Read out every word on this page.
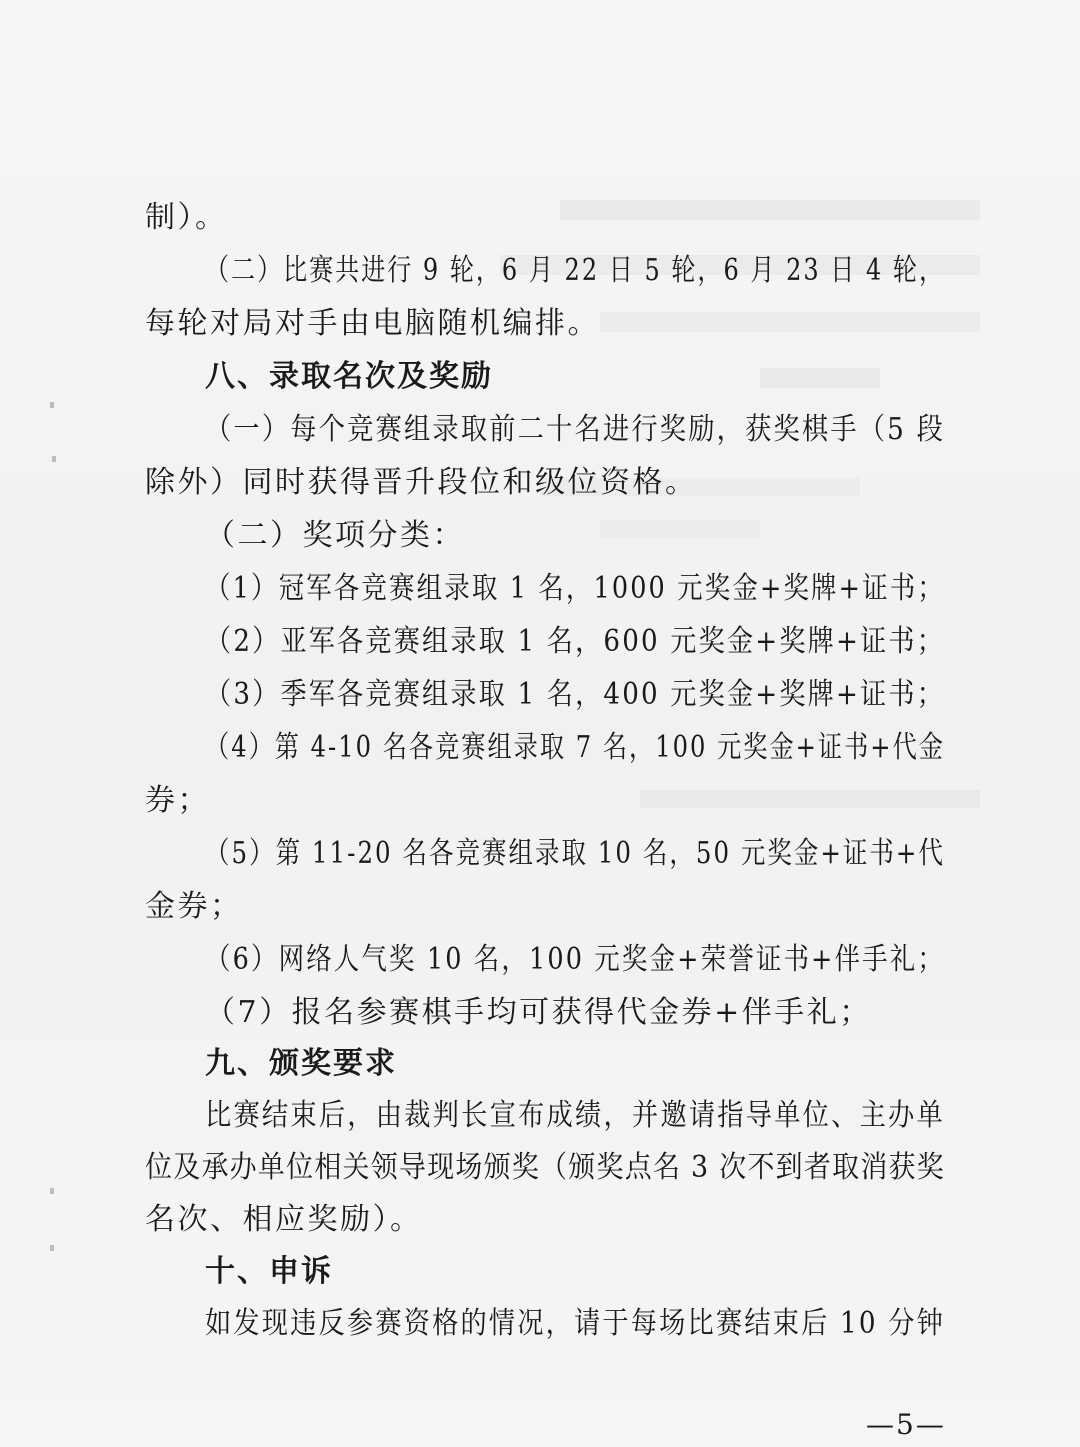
制）。
（二）比赛共进行 9 轮，6 月 22 日 5 轮，6 月 23 日 4 轮，
每轮对局对手由电脑随机编排。
八、录取名次及奖励
（一）每个竞赛组录取前二十名进行奖励，获奖棋手（5 段
除外）同时获得晋升段位和级位资格。
（二）奖项分类：
（1）冠军各竞赛组录取 1 名，1000 元奖金+奖牌+证书；
（2）亚军各竞赛组录取 1 名，600 元奖金+奖牌+证书；
（3）季军各竞赛组录取 1 名，400 元奖金+奖牌+证书；
（4）第 4-10 名各竞赛组录取 7 名，100 元奖金+证书+代金
券；
（5）第 11-20 名各竞赛组录取 10 名，50 元奖金+证书+代
金券；
（6）网络人气奖 10 名，100 元奖金+荣誉证书+伴手礼；
（7）报名参赛棋手均可获得代金券+伴手礼；
九、颁奖要求
比赛结束后，由裁判长宣布成绩，并邀请指导单位、主办单
位及承办单位相关领导现场颁奖（颁奖点名 3 次不到者取消获奖
名次、相应奖励）。
十、申诉
如发现违反参赛资格的情况，请于每场比赛结束后 10 分钟
—5—
